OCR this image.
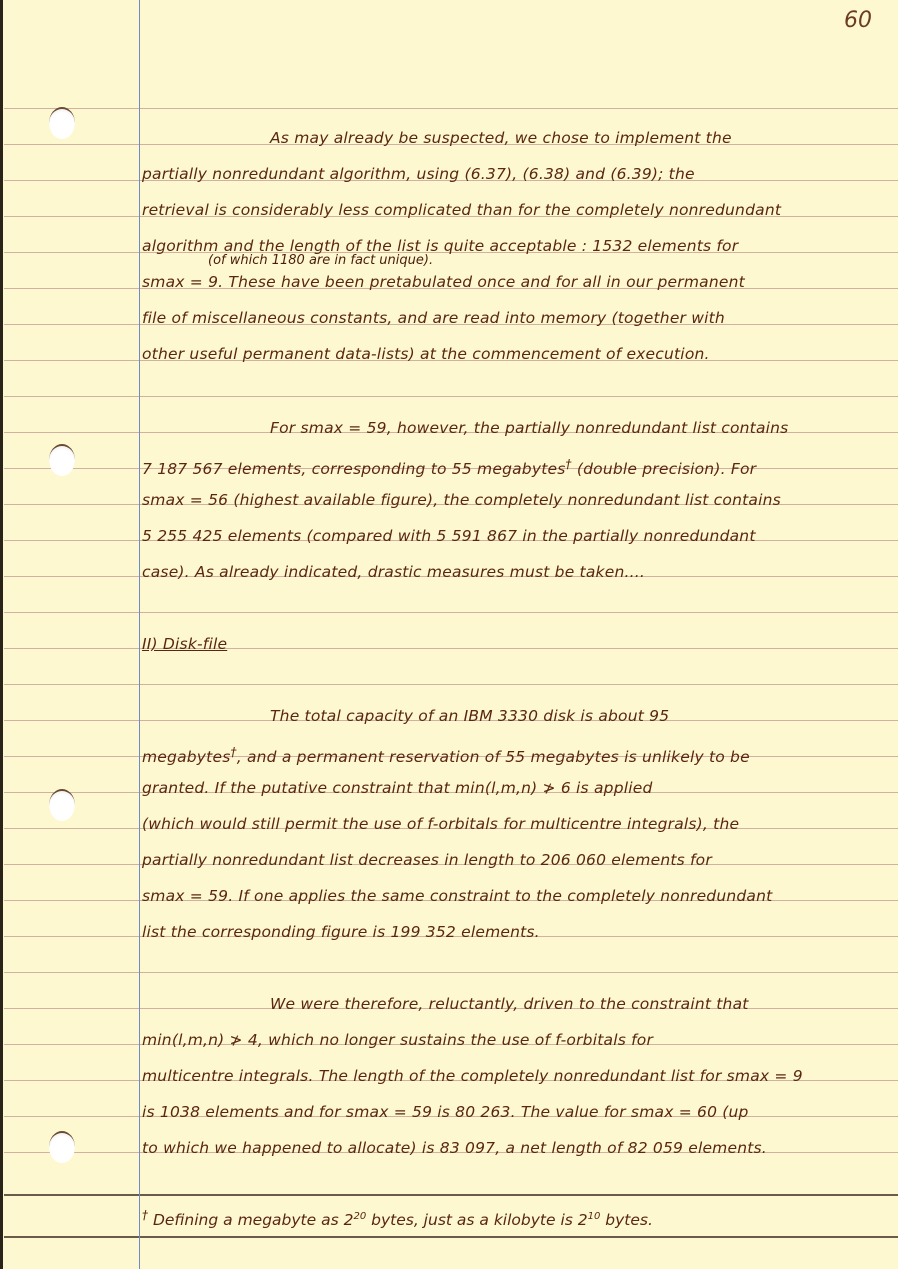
60
As may already be suspected, we chose to implement the
partially nonredundant algorithm, using (6.37), (6.38) and (6.39); the
retrieval is considerably less complicated than for the completely nonredundant
algorithm and the length of the list is quite acceptable : 1532 elements for
(of which 1180 are in fact unique).
smax = 9. These have been pretabulated once and for all in our permanent
file of miscellaneous constants, and are read into memory (together with
other useful permanent data-lists) at the commencement of execution.
For smax = 59, however, the partially nonredundant list contains
7 187 567 elements, corresponding to 55 megabytes† (double precision). For
smax = 56 (highest available figure), the completely nonredundant list contains
5 255 425 elements (compared with 5 591 867 in the partially nonredundant
case). As already indicated, drastic measures must be taken....
II) Disk-file
The total capacity of an IBM 3330 disk is about 95
megabytes†, and a permanent reservation of 55 megabytes is unlikely to be
granted. If the putative constraint that min(l,m,n) ≯ 6 is applied
(which would still permit the use of f-orbitals for multicentre integrals), the
partially nonredundant list decreases in length to 206 060 elements for
smax = 59. If one applies the same constraint to the completely nonredundant
list the corresponding figure is 199 352 elements.
We were therefore, reluctantly, driven to the constraint that
min(l,m,n) ≯ 4, which no longer sustains the use of f-orbitals for
multicentre integrals. The length of the completely nonredundant list for smax = 9
is 1038 elements and for smax = 59 is 80 263. The value for smax = 60 (up
to which we happened to allocate) is 83 097, a net length of 82 059 elements.
† Defining a megabyte as $2^{20}$ bytes, just as a kilobyte is $2^{10}$ bytes.
